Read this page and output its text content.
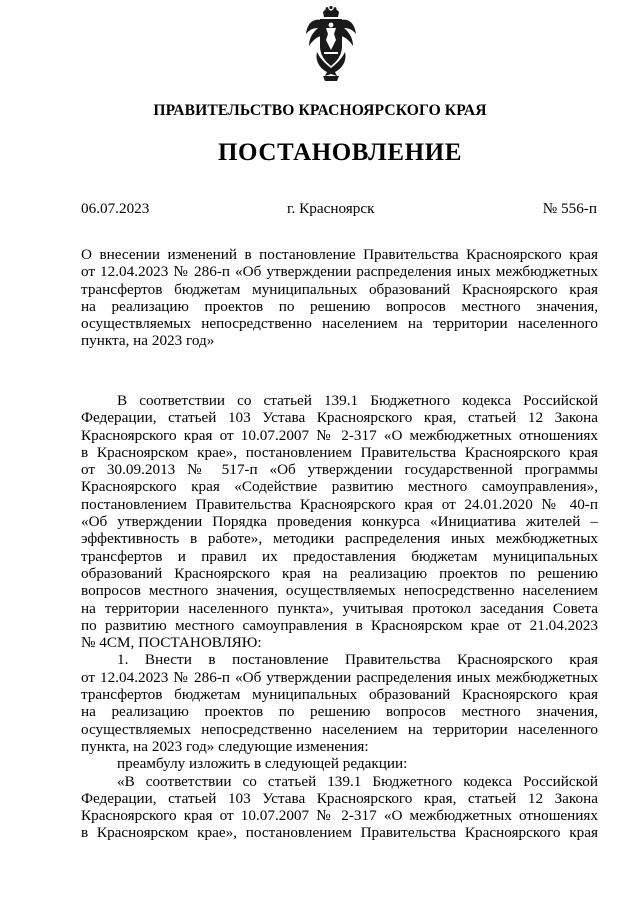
ПРАВИТЕЛЬСТВО КРАСНОЯРСКОГО КРАЯ
ПОСТАНОВЛЕНИЕ
06.07.2023	г. Красноярск	№ 556-п
О внесении изменений в постановление Правительства Красноярского края
от 12.04.2023 № 286-п «Об утверждении распределения иных межбюджетных
трансфертов бюджетам муниципальных образований Красноярского края
на реализацию проектов по решению вопросов местного значения,
осуществляемых непосредственно населением на территории населенного
пункта, на 2023 год»
В соответствии со статьей 139.1 Бюджетного кодекса Российской
Федерации, статьей 103 Устава Красноярского края, статьей 12 Закона
Красноярского края от 10.07.2007 № 2-317 «О межбюджетных отношениях
в Красноярском крае», постановлением Правительства Красноярского края
от 30.09.2013 № 517-п «Об утверждении государственной программы
Красноярского края «Содействие развитию местного самоуправления»,
постановлением Правительства Красноярского края от 24.01.2020 № 40-п
«Об утверждении Порядка проведения конкурса «Инициатива жителей –
эффективность в работе», методики распределения иных межбюджетных
трансфертов и правил их предоставления бюджетам муниципальных
образований Красноярского края на реализацию проектов по решению
вопросов местного значения, осуществляемых непосредственно населением
на территории населенного пункта», учитывая протокол заседания Совета
по развитию местного самоуправления в Красноярском крае от 21.04.2023
№ 4СМ, ПОСТАНОВЛЯЮ:
1. Внести в постановление Правительства Красноярского края
от 12.04.2023 № 286-п «Об утверждении распределения иных межбюджетных
трансфертов бюджетам муниципальных образований Красноярского края
на реализацию проектов по решению вопросов местного значения,
осуществляемых непосредственно населением на территории населенного
пункта, на 2023 год» следующие изменения:
преамбулу изложить в следующей редакции:
«В соответствии со статьей 139.1 Бюджетного кодекса Российской
Федерации, статьей 103 Устава Красноярского края, статьей 12 Закона
Красноярского края от 10.07.2007 № 2-317 «О межбюджетных отношениях
в Красноярском крае», постановлением Правительства Красноярского края
